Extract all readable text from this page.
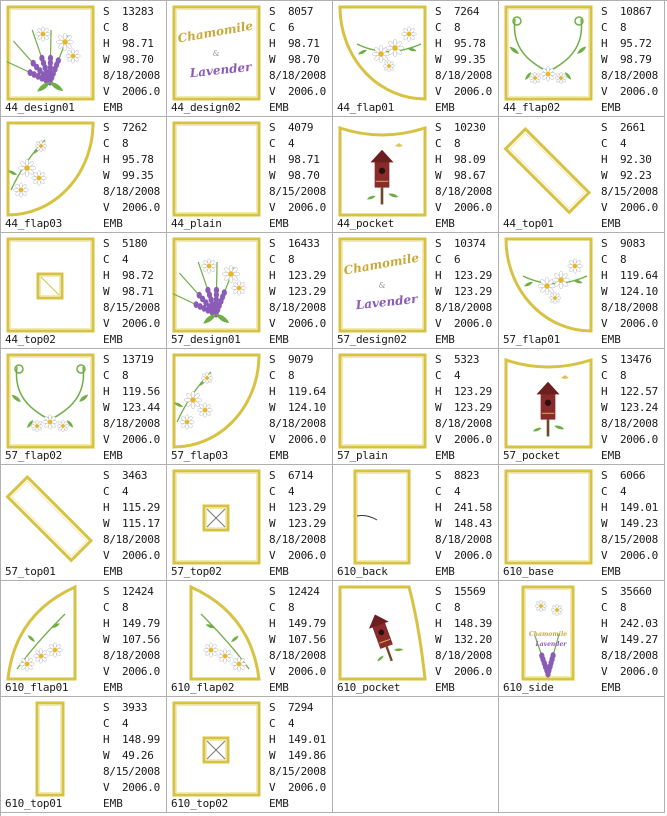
S  13283
C  8
H  98.71
W  98.70
8/18/2008
V  2006.0
44_design01	EMB
Chamomile
&
Lavender
S  8057
C  6
H  98.71
W  98.70
8/18/2008
V  2006.0
44_design02	EMB
S  7264
C  8
H  95.78
W  99.35
8/18/2008
V  2006.0
44_flap01	EMB
S  10867
C  8
H  95.72
W  98.79
8/18/2008
V  2006.0
44_flap02	EMB
S  7262
C  8
H  95.78
W  99.35
8/18/2008
V  2006.0
44_flap03	EMB
S  4079
C  4
H  98.71
W  98.70
8/15/2008
V  2006.0
44_plain	EMB
S  10230
C  8
H  98.09
W  98.67
8/18/2008
V  2006.0
44_pocket	EMB
S  2661
C  4
H  92.30
W  92.23
8/15/2008
V  2006.0
44_top01	EMB
S  5180
C  4
H  98.72
W  98.71
8/15/2008
V  2006.0
44_top02	EMB
S  16433
C  8
H  123.29
W  123.29
8/18/2008
V  2006.0
57_design01	EMB
Chamomile
&
Lavender
S  10374
C  6
H  123.29
W  123.29
8/18/2008
V  2006.0
57_design02	EMB
S  9083
C  8
H  119.64
W  124.10
8/18/2008
V  2006.0
57_flap01	EMB
S  13719
C  8
H  119.56
W  123.44
8/18/2008
V  2006.0
57_flap02	EMB
S  9079
C  8
H  119.64
W  124.10
8/18/2008
V  2006.0
57_flap03	EMB
S  5323
C  4
H  123.29
W  123.29
8/18/2008
V  2006.0
57_plain	EMB
S  13476
C  8
H  122.57
W  123.24
8/18/2008
V  2006.0
57_pocket	EMB
S  3463
C  4
H  115.29
W  115.17
8/18/2008
V  2006.0
57_top01	EMB
S  6714
C  4
H  123.29
W  123.29
8/18/2008
V  2006.0
57_top02	EMB
S  8823
C  4
H  241.58
W  148.43
8/18/2008
V  2006.0
610_back	EMB
S  6066
C  4
H  149.01
W  149.23
8/15/2008
V  2006.0
610_base	EMB
S  12424
C  8
H  149.79
W  107.56
8/18/2008
V  2006.0
610_flap01	EMB
S  12424
C  8
H  149.79
W  107.56
8/18/2008
V  2006.0
610_flap02	EMB
S  15569
C  8
H  148.39
W  132.20
8/18/2008
V  2006.0
610_pocket	EMB
Chamomile
Lavender
S  35660
C  8
H  242.03
W  149.27
8/18/2008
V  2006.0
610_side	EMB
S  3933
C  4
H  148.99
W  49.26
8/15/2008
V  2006.0
610_top01	EMB
S  7294
C  4
H  149.01
W  149.86
8/15/2008
V  2006.0
610_top02	EMB
